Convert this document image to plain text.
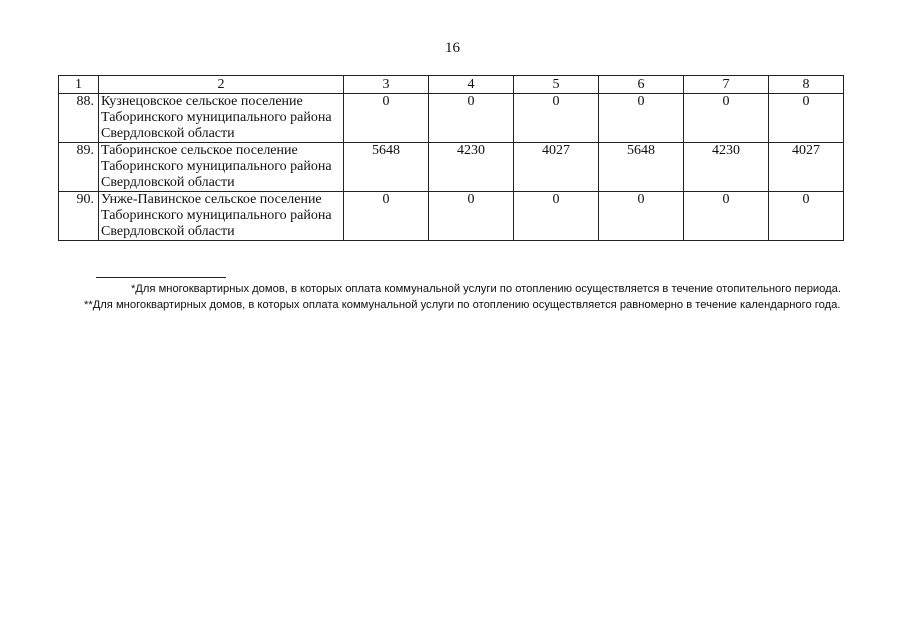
16
1	2	3	4	5	6	7	8
88.	Кузнецовское сельское поселение Таборинского муниципального района Свердловской области	0	0	0	0	0	0
89.	Таборинское сельское поселение Таборинского муниципального района Свердловской области	5648	4230	4027	5648	4230	4027
90.	Унже-Павинское сельское поселение Таборинского муниципального района Свердловской области	0	0	0	0	0	0

*Для многоквартирных домов, в которых оплата коммунальной услуги по отоплению осуществляется в течение отопительного периода.

**Для многоквартирных домов, в которых оплата коммунальной услуги по отоплению осуществляется равномерно в течение календарного года.
